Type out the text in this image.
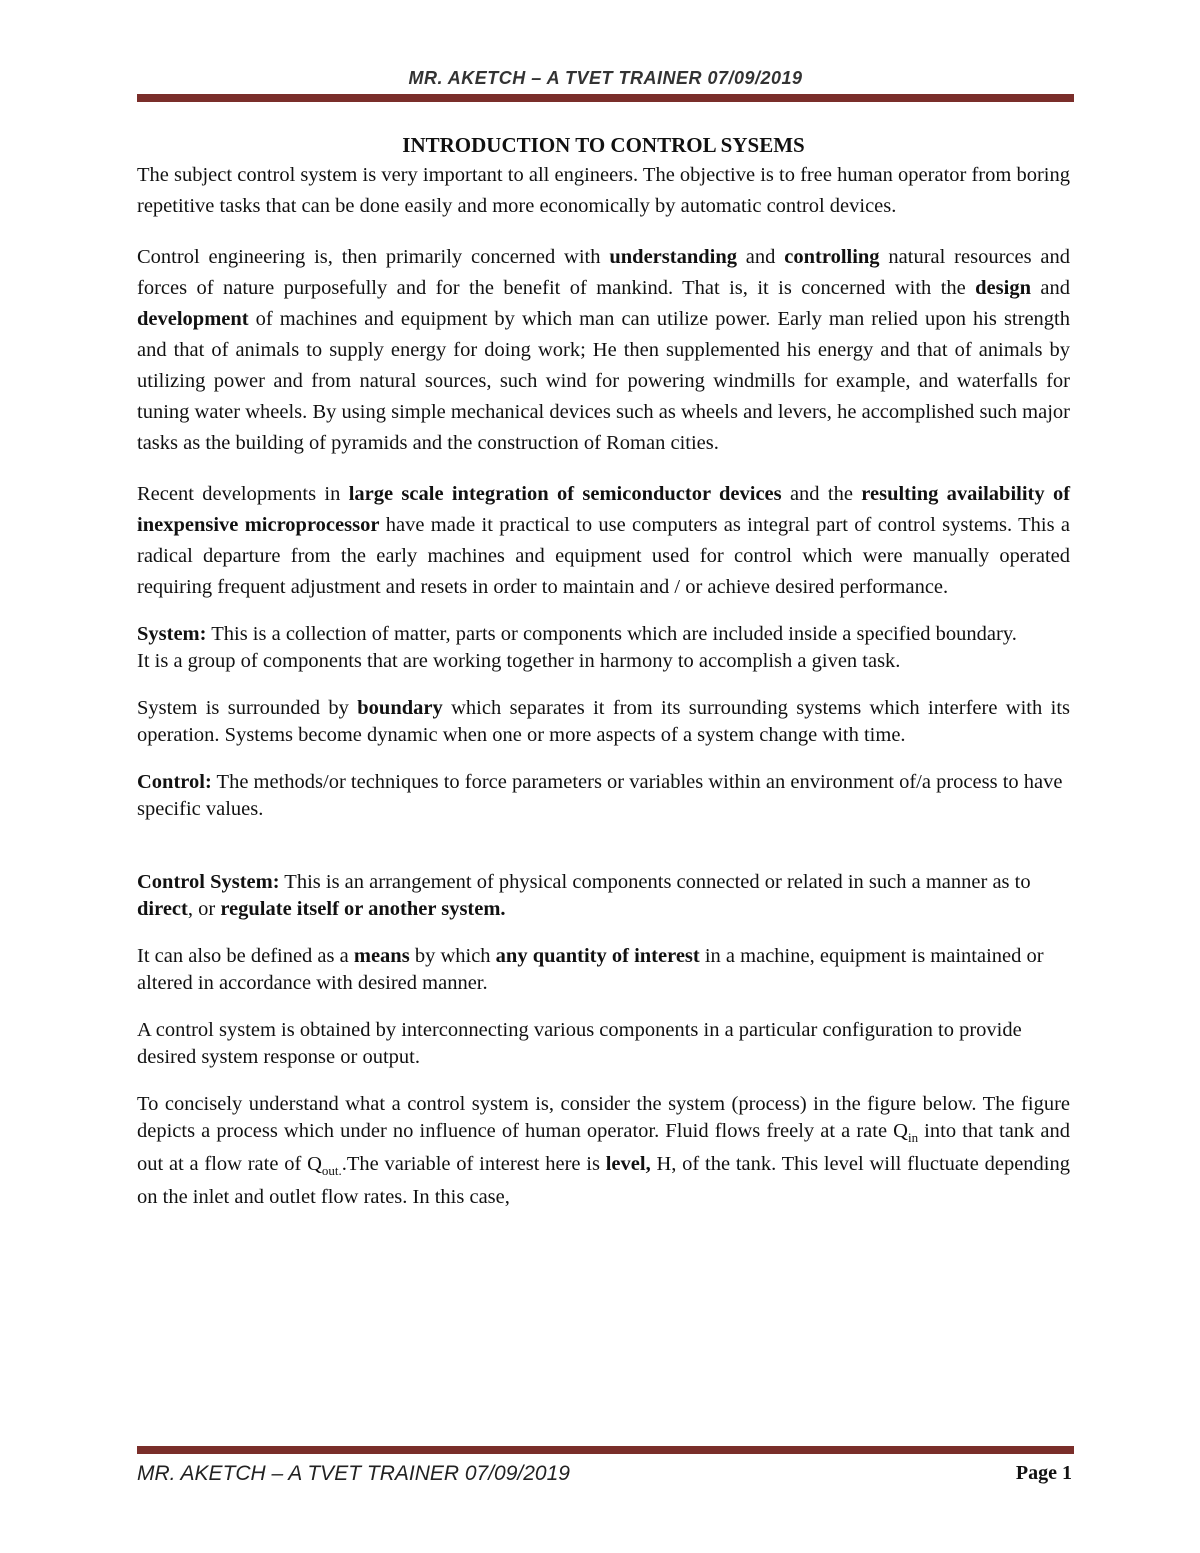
MR. AKETCH – A TVET TRAINER 07/09/2019
INTRODUCTION TO CONTROL SYSEMS

The subject control system is very important to all engineers. The objective is to free human operator from boring repetitive tasks that can be done easily and more economically by automatic control devices.

Control engineering is, then primarily concerned with understanding and controlling natural resources and forces of nature purposefully and for the benefit of mankind. That is, it is concerned with the design and development of machines and equipment by which man can utilize power. Early man relied upon his strength and that of animals to supply energy for doing work; He then supplemented his energy and that of animals by utilizing power and from natural sources, such wind for powering windmills for example, and waterfalls for tuning water wheels. By using simple mechanical devices such as wheels and levers, he accomplished such major tasks as the building of pyramids and the construction of Roman cities.

Recent developments in large scale integration of semiconductor devices and the resulting availability of inexpensive microprocessor have made it practical to use computers as integral part of control systems. This a radical departure from the early machines and equipment used for control which were manually operated requiring frequent adjustment and resets in order to maintain and / or achieve desired performance.

System: This is a collection of matter, parts or components which are included inside a specified boundary.

It is a group of components that are working together in harmony to accomplish a given task.

System is surrounded by boundary which separates it from its surrounding systems which interfere with its operation. Systems become dynamic when one or more aspects of a system change with time.

Control: The methods/or techniques to force parameters or variables within an environment of/a process to have specific values.

Control System: This is an arrangement of physical components connected or related in such a manner as to direct, or regulate itself or another system.

It can also be defined as a means by which any quantity of interest in a machine, equipment is maintained or altered in accordance with desired manner.

A control system is obtained by interconnecting various components in a particular configuration to provide desired system response or output.

To concisely understand what a control system is, consider the system (process) in the figure below. The figure depicts a process which under no influence of human operator. Fluid flows freely at a rate $Q_{in}$ into that tank and out at a flow rate of $Q_{out.}.The$ variable of interest here is level, H, of the tank. This level will fluctuate depending on the inlet and outlet flow rates. In this case,

MR. AKETCH – A TVET TRAINER 07/09/2019	Page 1
